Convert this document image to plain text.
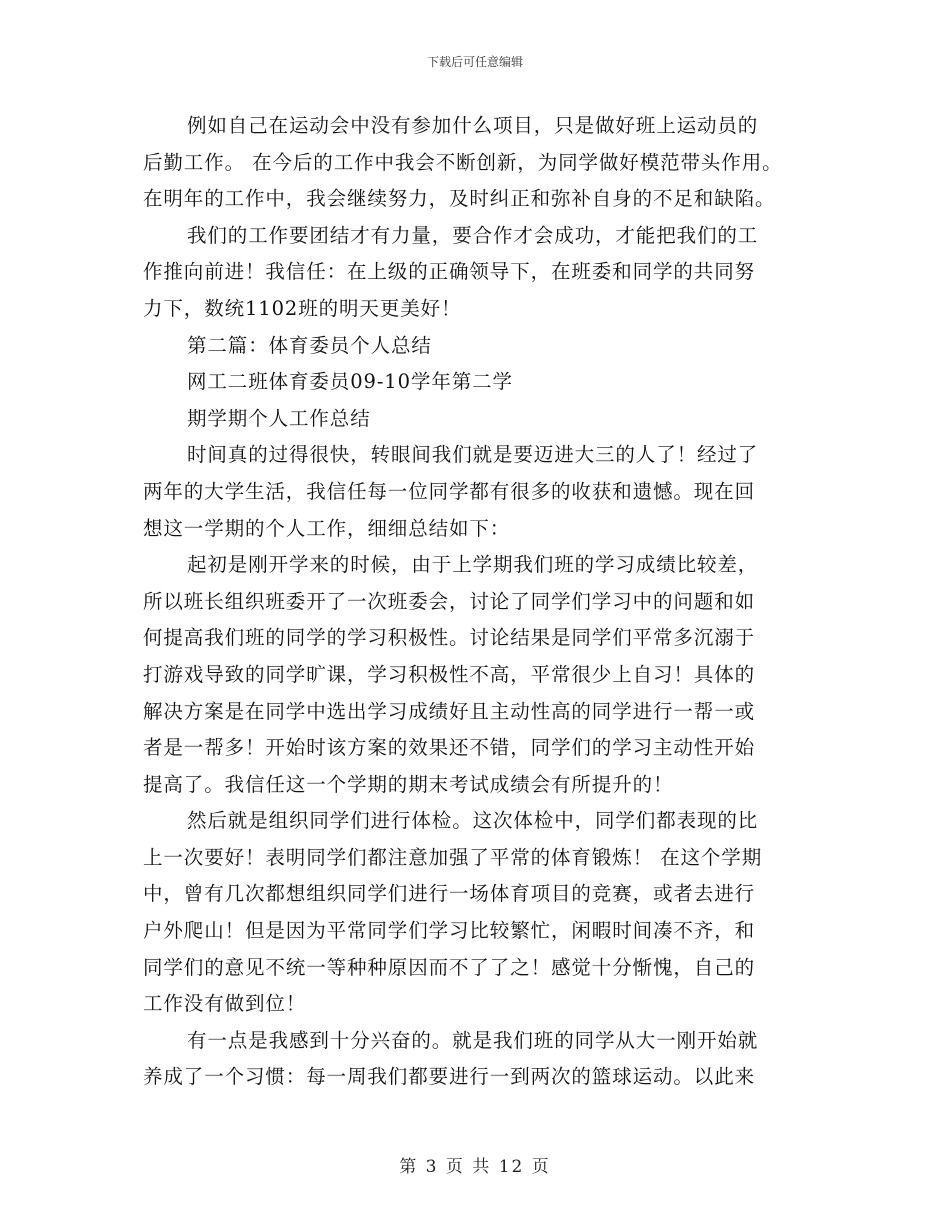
下载后可任意编辑
例如自己在运动会中没有参加什么项目，只是做好班上运动员的
后勤工作。 在今后的工作中我会不断创新，为同学做好模范带头作用。
在明年的工作中，我会继续努力，及时纠正和弥补自身的不足和缺陷。
我们的工作要团结才有力量，要合作才会成功，才能把我们的工
作推向前进！我信任：在上级的正确领导下，在班委和同学的共同努
力下，数统1102班的明天更美好！
第二篇：体育委员个人总结
网工二班体育委员09-10学年第二学
期学期个人工作总结
时间真的过得很快，转眼间我们就是要迈进大三的人了！经过了
两年的大学生活，我信任每一位同学都有很多的收获和遗憾。现在回
想这一学期的个人工作，细细总结如下：
起初是刚开学来的时候，由于上学期我们班的学习成绩比较差，
所以班长组织班委开了一次班委会，讨论了同学们学习中的问题和如
何提高我们班的同学的学习积极性。讨论结果是同学们平常多沉溺于
打游戏导致的同学旷课，学习积极性不高，平常很少上自习！具体的
解决方案是在同学中选出学习成绩好且主动性高的同学进行一帮一或
者是一帮多！开始时该方案的效果还不错，同学们的学习主动性开始
提高了。我信任这一个学期的期末考试成绩会有所提升的！
然后就是组织同学们进行体检。这次体检中，同学们都表现的比
上一次要好！表明同学们都注意加强了平常的体育锻炼！ 在这个学期
中，曾有几次都想组织同学们进行一场体育项目的竞赛，或者去进行
户外爬山！但是因为平常同学们学习比较繁忙，闲暇时间凑不齐，和
同学们的意见不统一等种种原因而不了了之！感觉十分惭愧，自己的
工作没有做到位！
有一点是我感到十分兴奋的。就是我们班的同学从大一刚开始就
养成了一个习惯：每一周我们都要进行一到两次的篮球运动。以此来
第 3 页 共 12 页
